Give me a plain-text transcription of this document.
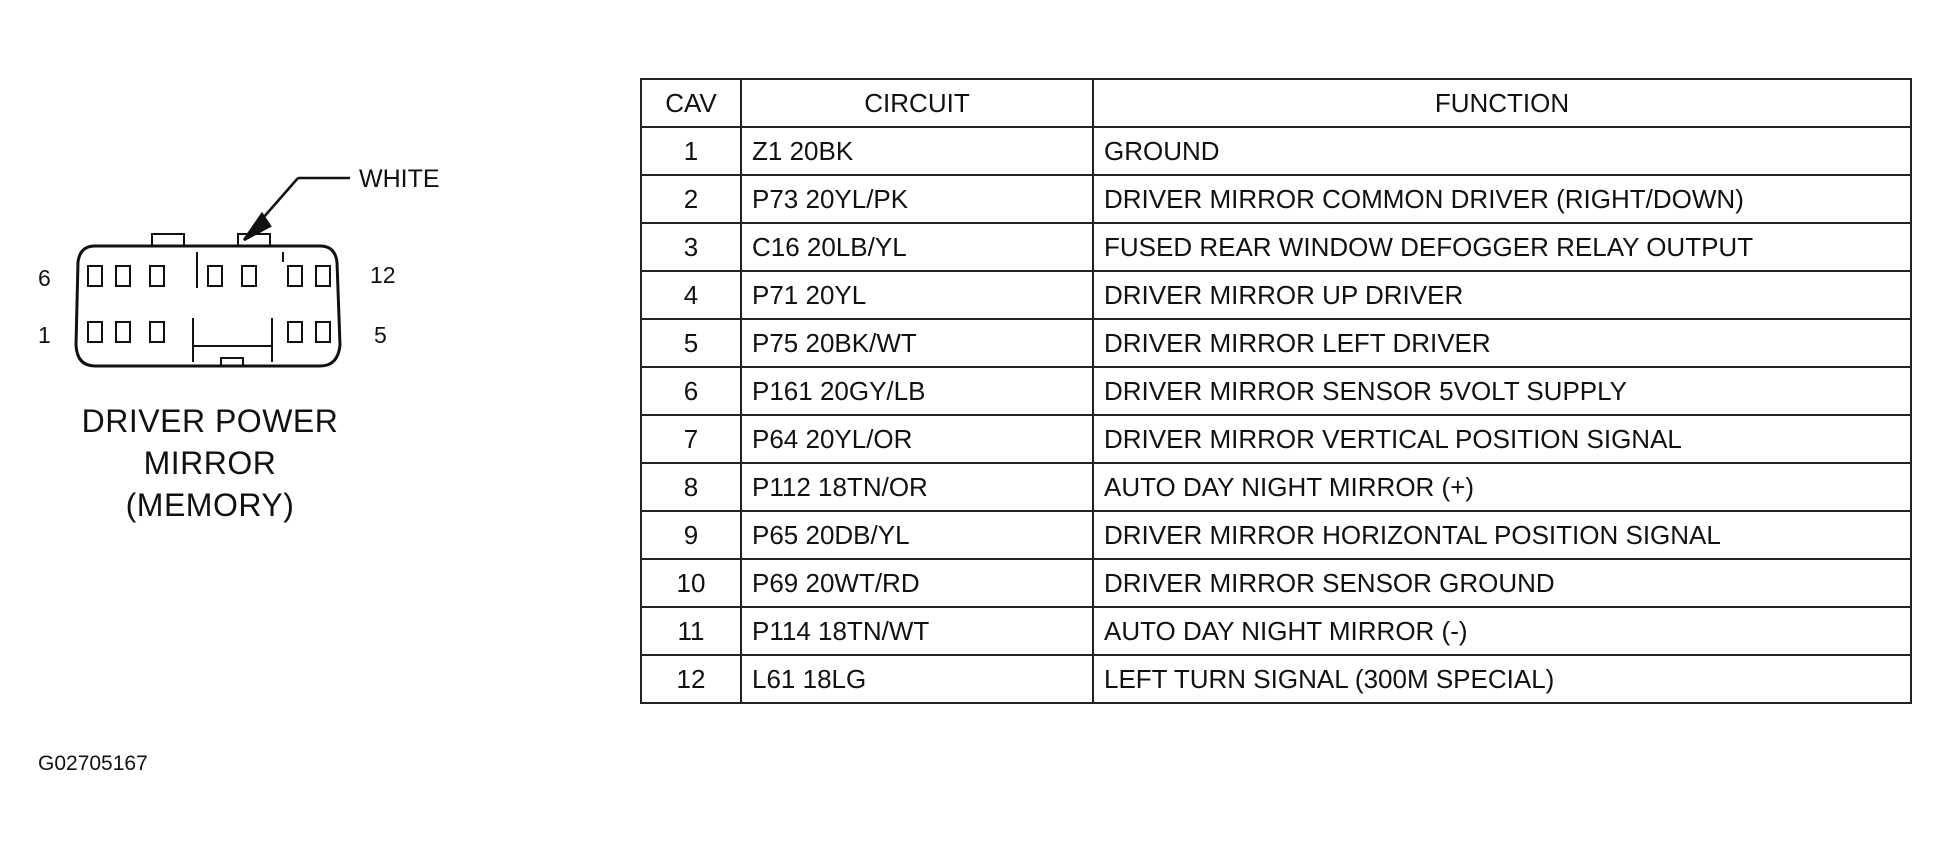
WHITE
6
1
12
5
DRIVER POWER
MIRROR
(MEMORY)
G02705167
CAV	CIRCUIT	FUNCTION
1	Z1 20BK	GROUND
2	P73 20YL/PK	DRIVER MIRROR COMMON DRIVER (RIGHT/DOWN)
3	C16 20LB/YL	FUSED REAR WINDOW DEFOGGER RELAY OUTPUT
4	P71 20YL	DRIVER MIRROR UP DRIVER
5	P75 20BK/WT	DRIVER MIRROR LEFT DRIVER
6	P161 20GY/LB	DRIVER MIRROR SENSOR 5VOLT SUPPLY
7	P64 20YL/OR	DRIVER MIRROR VERTICAL POSITION SIGNAL
8	P112 18TN/OR	AUTO DAY NIGHT MIRROR (+)
9	P65 20DB/YL	DRIVER MIRROR HORIZONTAL POSITION SIGNAL
10	P69 20WT/RD	DRIVER MIRROR SENSOR GROUND
11	P114 18TN/WT	AUTO DAY NIGHT MIRROR (-)
12	L61 18LG	LEFT TURN SIGNAL (300M SPECIAL)
